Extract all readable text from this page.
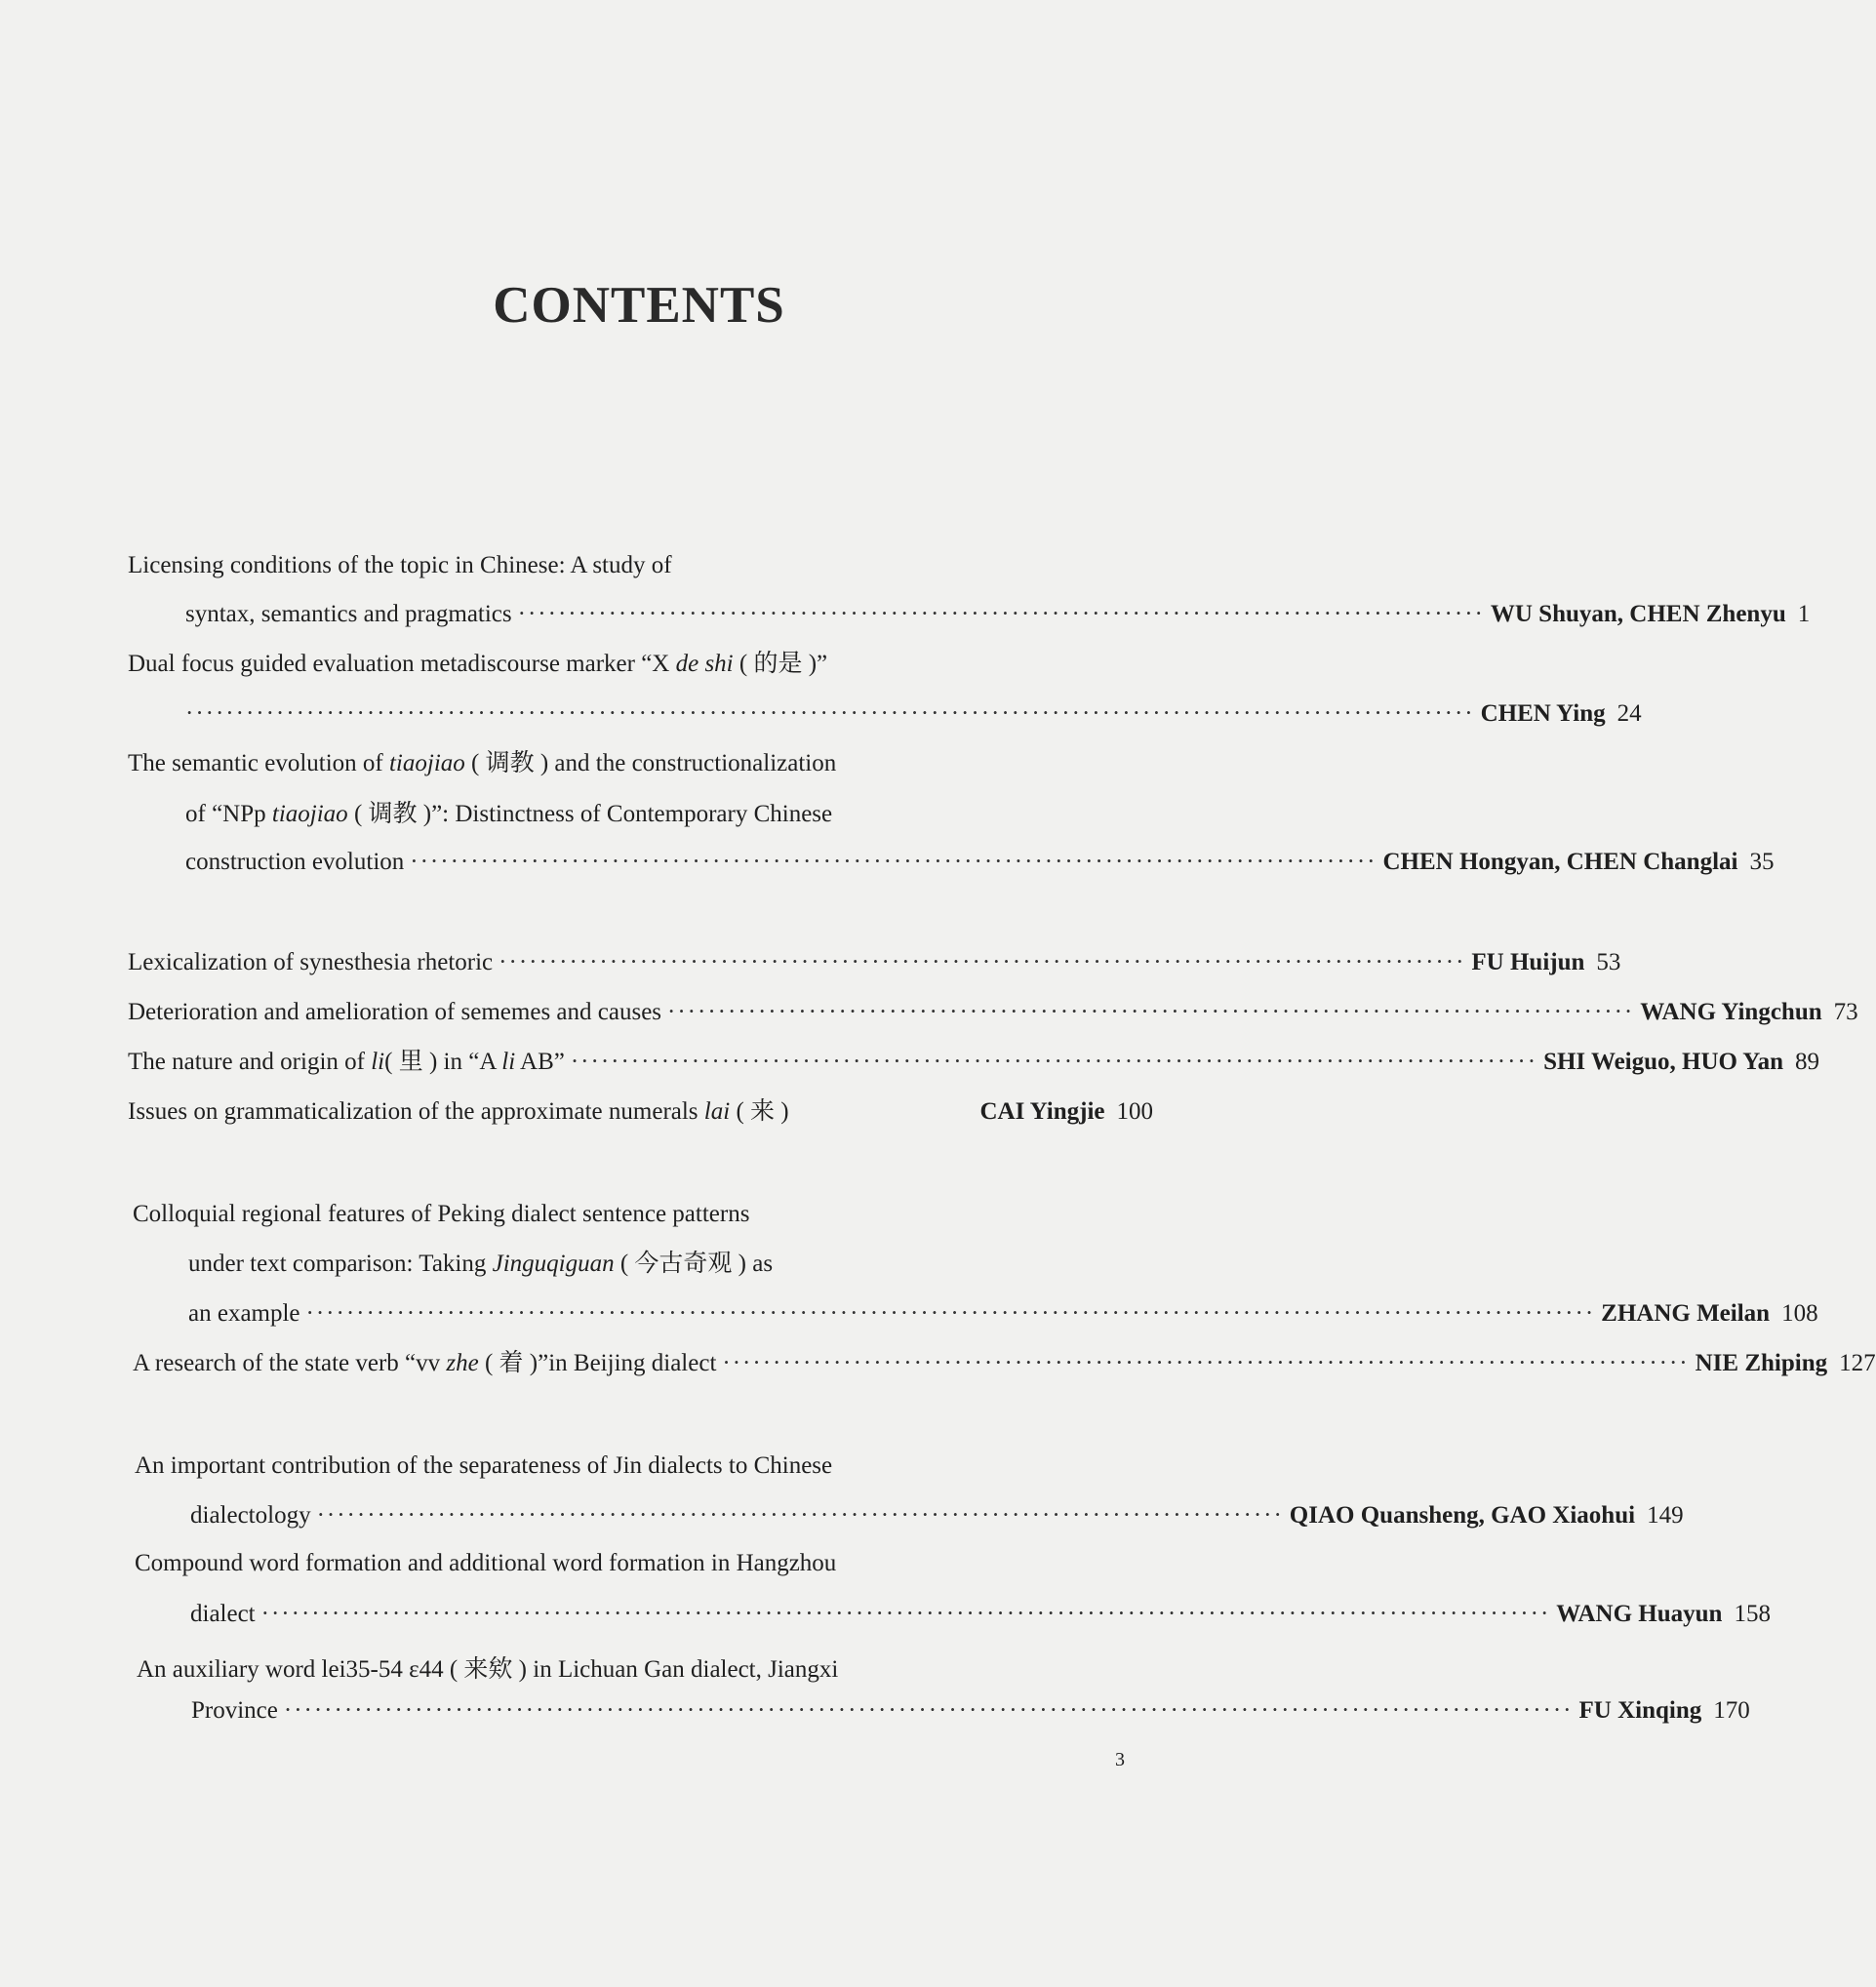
CONTENTS
Licensing conditions of the topic in Chinese: A study of
syntax, semantics and pragmatics ································································································ WU Shuyan, CHEN Zhenyu 1
Dual focus guided evaluation metadiscourse marker “X de shi ( 的是 )”
································································································································ CHEN Ying 24
The semantic evolution of tiaojiao ( 调教 ) and the constructionalization
of “NPp tiaojiao ( 调教 )”: Distinctness of Contemporary Chinese
construction evolution ································································································ CHEN Hongyan, CHEN Changlai 35
Lexicalization of synesthesia rhetoric ································································································ FU Huijun 53
Deterioration and amelioration of sememes and causes ································································································ WANG Yingchun 73
The nature and origin of li( 里 ) in “A li AB” ································································································ SHI Weiguo, HUO Yan 89
Issues on grammaticalization of the approximate numerals lai ( 来 )	CAI Yingjie 100
Colloquial regional features of Peking dialect sentence patterns
under text comparison: Taking Jinguqiguan ( 今古奇观 ) as
an example ································································································································ ZHANG Meilan 108
A research of the state verb “vv zhe ( 着 )”in Beijing dialect ································································································ NIE Zhiping 127
An important contribution of the separateness of Jin dialects to Chinese
dialectology ································································································ QIAO Quansheng, GAO Xiaohui 149
Compound word formation and additional word formation in Hangzhou
dialect ································································································································ WANG Huayun 158
An auxiliary word lei35-54 ɛ44 ( 来欸 ) in Lichuan Gan dialect, Jiangxi
Province ································································································································ FU Xinqing 170
3
